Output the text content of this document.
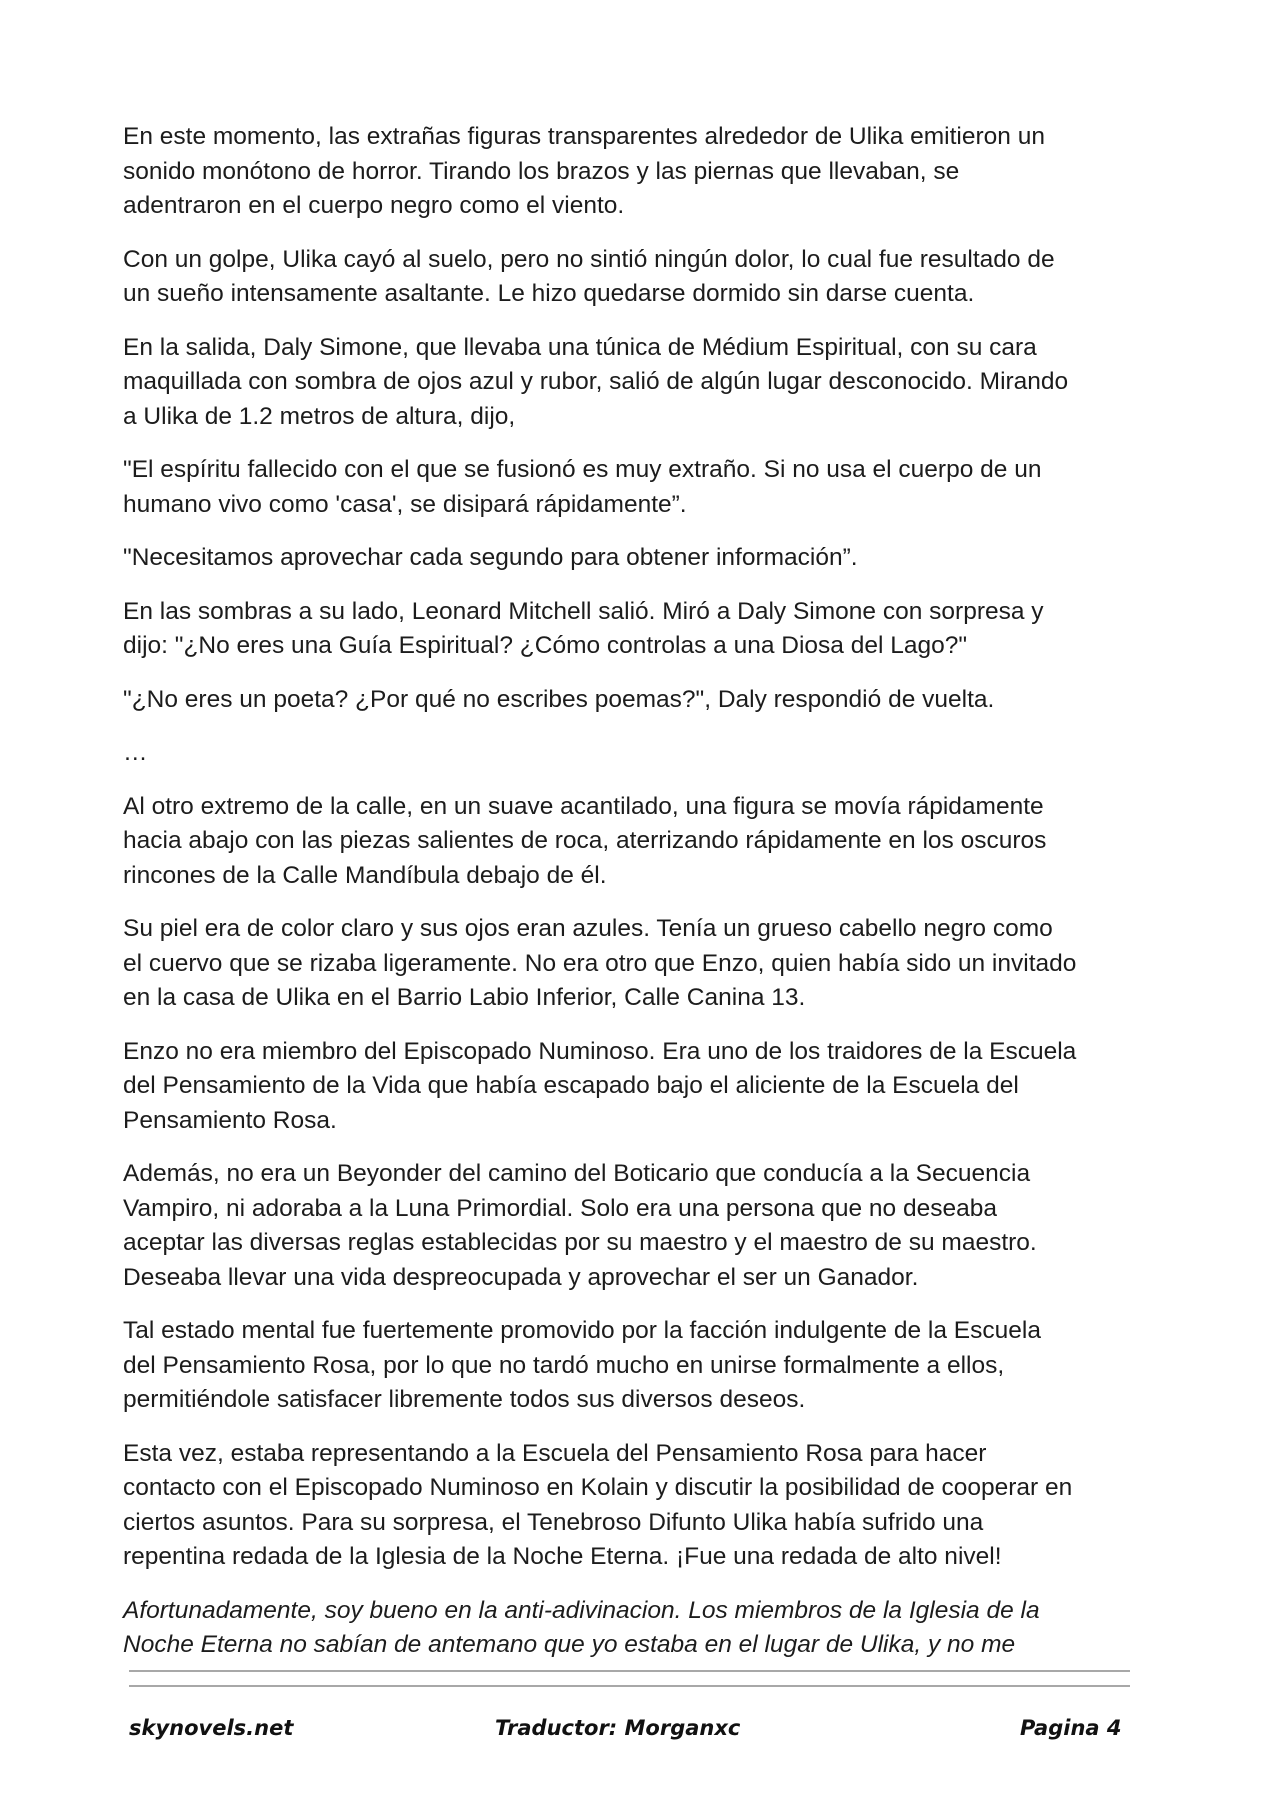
En este momento, las extrañas figuras transparentes alrededor de Ulika emitieron un
sonido monótono de horror. Tirando los brazos y las piernas que llevaban, se
adentraron en el cuerpo negro como el viento.

Con un golpe, Ulika cayó al suelo, pero no sintió ningún dolor, lo cual fue resultado de
un sueño intensamente asaltante. Le hizo quedarse dormido sin darse cuenta.

En la salida, Daly Simone, que llevaba una túnica de Médium Espiritual, con su cara
maquillada con sombra de ojos azul y rubor, salió de algún lugar desconocido. Mirando
a Ulika de 1.2 metros de altura, dijo,

"El espíritu fallecido con el que se fusionó es muy extraño. Si no usa el cuerpo de un
humano vivo como 'casa', se disipará rápidamente”.

"Necesitamos aprovechar cada segundo para obtener información”.

En las sombras a su lado, Leonard Mitchell salió. Miró a Daly Simone con sorpresa y
dijo: "¿No eres una Guía Espiritual? ¿Cómo controlas a una Diosa del Lago?"

"¿No eres un poeta? ¿Por qué no escribes poemas?", Daly respondió de vuelta.

…

Al otro extremo de la calle, en un suave acantilado, una figura se movía rápidamente
hacia abajo con las piezas salientes de roca, aterrizando rápidamente en los oscuros
rincones de la Calle Mandíbula debajo de él.

Su piel era de color claro y sus ojos eran azules. Tenía un grueso cabello negro como
el cuervo que se rizaba ligeramente. No era otro que Enzo, quien había sido un invitado
en la casa de Ulika en el Barrio Labio Inferior, Calle Canina 13.

Enzo no era miembro del Episcopado Numinoso. Era uno de los traidores de la Escuela
del Pensamiento de la Vida que había escapado bajo el aliciente de la Escuela del
Pensamiento Rosa.

Además, no era un Beyonder del camino del Boticario que conducía a la Secuencia
Vampiro, ni adoraba a la Luna Primordial. Solo era una persona que no deseaba
aceptar las diversas reglas establecidas por su maestro y el maestro de su maestro.
Deseaba llevar una vida despreocupada y aprovechar el ser un Ganador.

Tal estado mental fue fuertemente promovido por la facción indulgente de la Escuela
del Pensamiento Rosa, por lo que no tardó mucho en unirse formalmente a ellos,
permitiéndole satisfacer libremente todos sus diversos deseos.

Esta vez, estaba representando a la Escuela del Pensamiento Rosa para hacer
contacto con el Episcopado Numinoso en Kolain y discutir la posibilidad de cooperar en
ciertos asuntos. Para su sorpresa, el Tenebroso Difunto Ulika había sufrido una
repentina redada de la Iglesia de la Noche Eterna. ¡Fue una redada de alto nivel!

Afortunadamente, soy bueno en la anti-adivinacion. Los miembros de la Iglesia de la
Noche Eterna no sabían de antemano que yo estaba en el lugar de Ulika, y no me

skynovels.net	Traductor: Morganxc	Pagina 4
